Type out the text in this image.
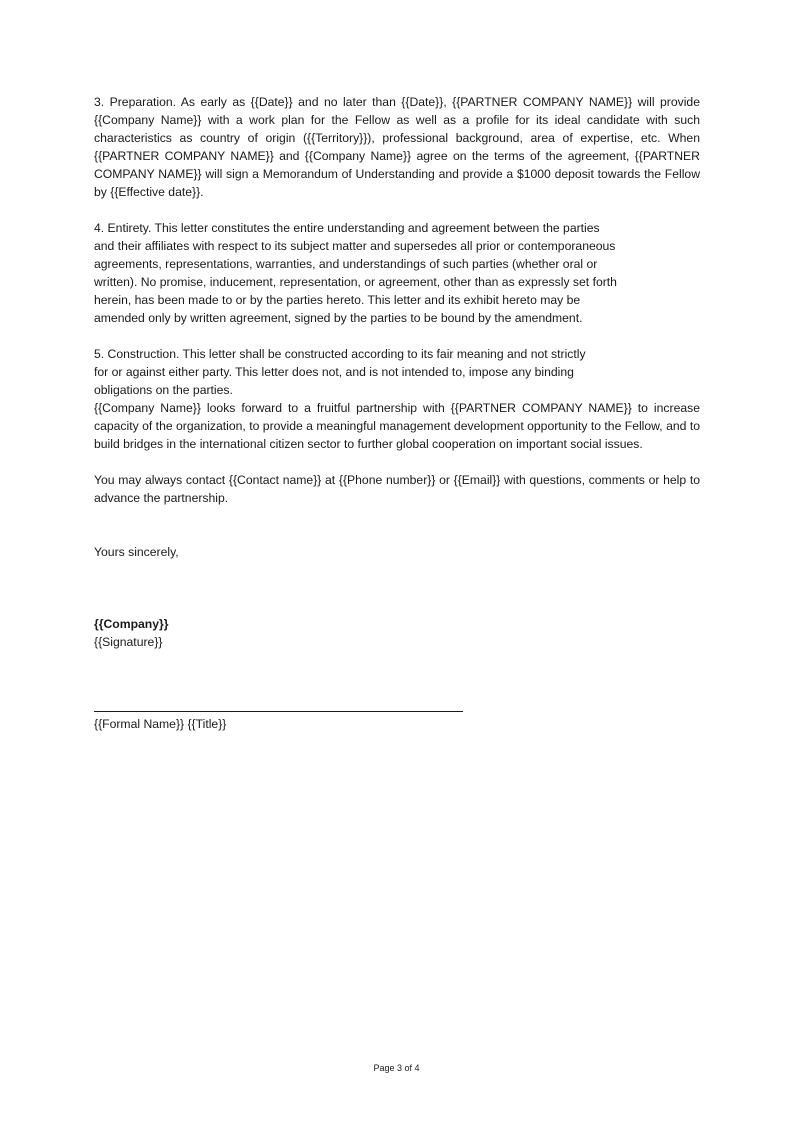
3. Preparation. As early as {{Date}} and no later than {{Date}}, {{PARTNER COMPANY NAME}} will provide {{Company Name}} with a work plan for the Fellow as well as a profile for its ideal candidate with such characteristics as country of origin ({{Territory}}), professional background, area of expertise, etc. When {{PARTNER COMPANY NAME}} and {{Company Name}} agree on the terms of the agreement, {{PARTNER COMPANY NAME}} will sign a Memorandum of Understanding and provide a $1000 deposit towards the Fellow by {{Effective date}}.

4. Entirety. This letter constitutes the entire understanding and agreement between the parties
and their affiliates with respect to its subject matter and supersedes all prior or contemporaneous
agreements, representations, warranties, and understandings of such parties (whether oral or
written). No promise, inducement, representation, or agreement, other than as expressly set forth
herein, has been made to or by the parties hereto. This letter and its exhibit hereto may be
amended only by written agreement, signed by the parties to be bound by the amendment.

5. Construction. This letter shall be constructed according to its fair meaning and not strictly
for or against either party. This letter does not, and is not intended to, impose any binding
obligations on the parties.

{{Company Name}} looks forward to a fruitful partnership with {{PARTNER COMPANY NAME}} to increase capacity of the organization, to provide a meaningful management development opportunity to the Fellow, and to build bridges in the international citizen sector to further global cooperation on important social issues.

You may always contact {{Contact name}} at {{Phone number}} or {{Email}} with questions, comments or help to advance the partnership.

Yours sincerely,

{{Company}}

{{Signature}}

{{Formal Name}} {{Title}}
Page 3 of 4
